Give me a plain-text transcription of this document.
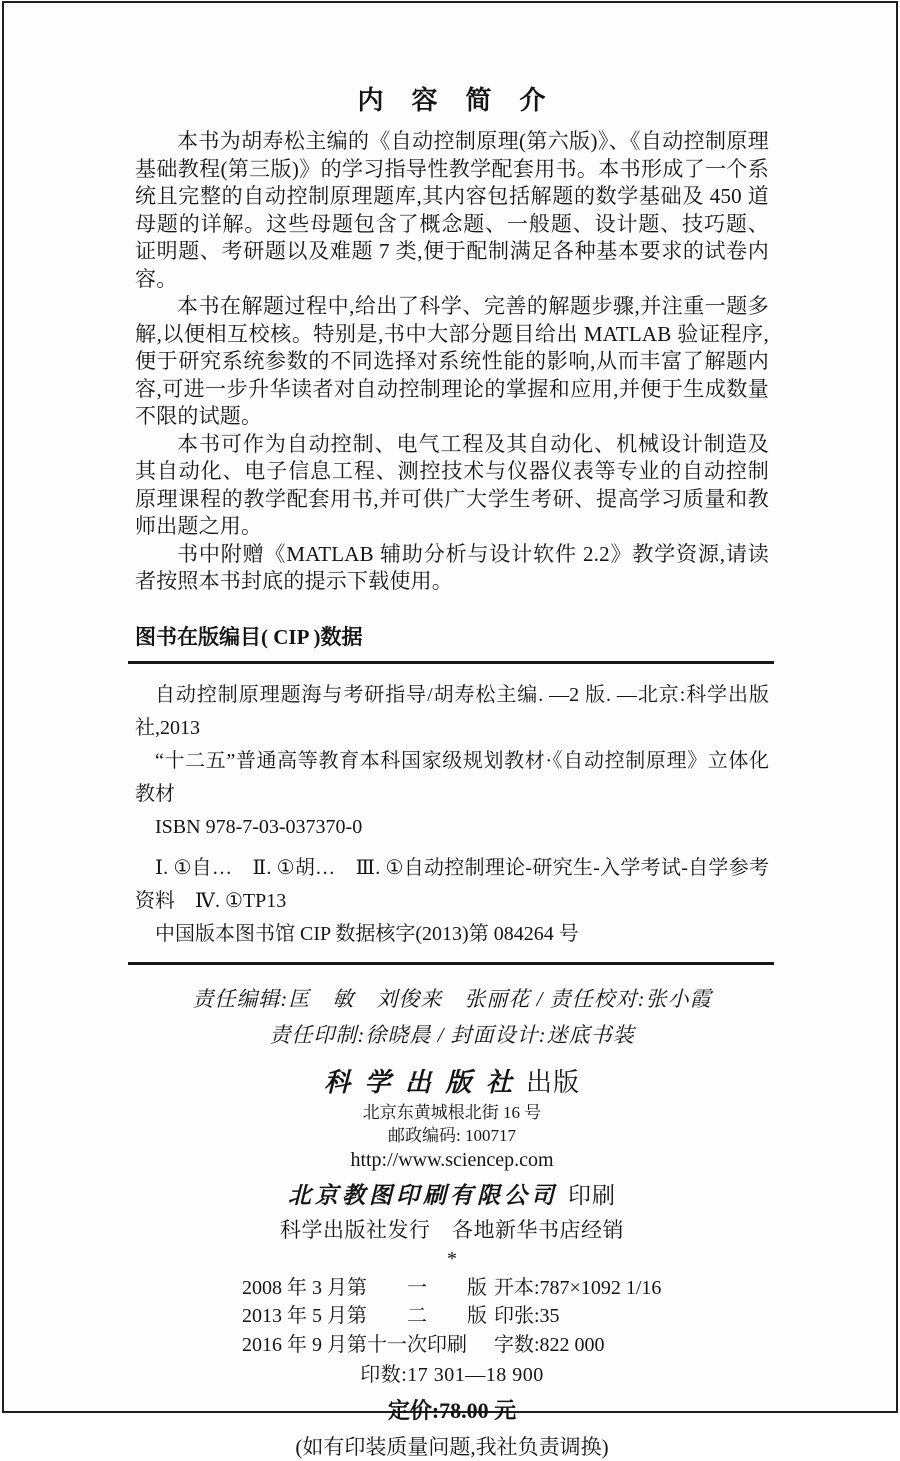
内　容　简　介

本书为胡寿松主编的《自动控制原理(第六版)》、《自动控制原理基础教程(第三版)》的学习指导性教学配套用书。本书形成了一个系统且完整的自动控制原理题库,其内容包括解题的数学基础及 450 道母题的详解。这些母题包含了概念题、一般题、设计题、技巧题、证明题、考研题以及难题 7 类,便于配制满足各种基本要求的试卷内容。

本书在解题过程中,给出了科学、完善的解题步骤,并注重一题多解,以便相互校核。特别是,书中大部分题目给出 MATLAB 验证程序,便于研究系统参数的不同选择对系统性能的影响,从而丰富了解题内容,可进一步升华读者对自动控制理论的掌握和应用,并便于生成数量不限的试题。

本书可作为自动控制、电气工程及其自动化、机械设计制造及其自动化、电子信息工程、测控技术与仪器仪表等专业的自动控制原理课程的教学配套用书,并可供广大学生考研、提高学习质量和教师出题之用。

书中附赠《MATLAB 辅助分析与设计软件 2.2》教学资源,请读者按照本书封底的提示下载使用。

图书在版编目( CIP )数据

自动控制原理题海与考研指导/胡寿松主编. —2 版. —北京:科学出版社,2013

“十二五”普通高等教育本科国家级规划教材·《自动控制原理》立体化教材

ISBN 978-7-03-037370-0

Ⅰ. ①自…　Ⅱ. ①胡…　Ⅲ. ①自动控制理论-研究生-入学考试-自学参考资料　Ⅳ. ①TP13

中国版本图书馆 CIP 数据核字(2013)第 084264 号

责任编辑:匡　敏　刘俊来　张丽花 / 责任校对:张小霞

责任印制:徐晓晨 / 封面设计:迷底书装

科 学 出 版 社 出版

北京东黄城根北街 16 号

邮政编码: 100717

http://www.sciencep.com

北京教图印刷有限公司 印刷

科学出版社发行　各地新华书店经销

*

2008 年 3 月第　　一　　版 开本:787×1092 1/16
2013 年 5 月第　　二　　版 印张:35
2016 年 9 月第十一次印刷	字数:822 000

印数:17 301—18 900

定价:78.00 元

(如有印装质量问题,我社负责调换)
